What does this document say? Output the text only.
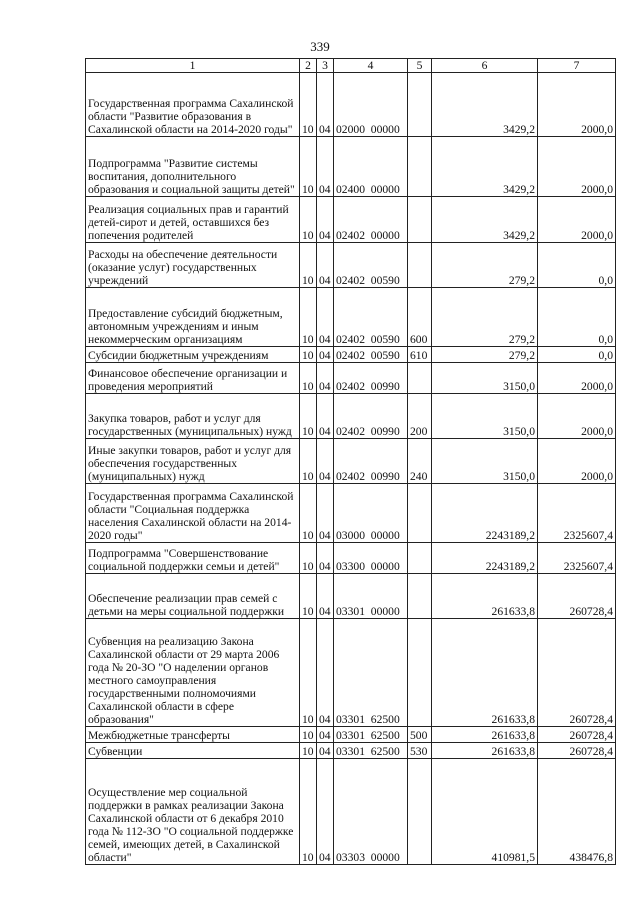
339
1	2	3	4	5	6	7
Государственная программа Сахалинской области "Развитие образования в Сахалинской области на 2014-2020 годы"	10	04	02000  00000		3429,2	2000,0
Подпрограмма "Развитие системы воспитания, дополнительного образования и социальной защиты детей"	10	04	02400  00000		3429,2	2000,0
Реализация социальных прав и гарантий детей-сирот и детей, оставшихся без попечения родителей	10	04	02402  00000		3429,2	2000,0
Расходы на обеспечение деятельности (оказание услуг) государственных учреждений	10	04	02402  00590		279,2	0,0
Предоставление субсидий бюджетным, автономным учреждениям и иным некоммерческим организациям	10	04	02402  00590	600	279,2	0,0
Субсидии бюджетным учреждениям	10	04	02402  00590	610	279,2	0,0
Финансовое обеспечение организации и проведения мероприятий	10	04	02402  00990		3150,0	2000,0
Закупка товаров, работ и услуг для государственных (муниципальных) нужд	10	04	02402  00990	200	3150,0	2000,0
Иные закупки товаров, работ и услуг для обеспечения государственных (муниципальных) нужд	10	04	02402  00990	240	3150,0	2000,0
Государственная программа Сахалинской области "Социальная поддержка населения Сахалинской области на 2014-2020 годы"	10	04	03000  00000		2243189,2	2325607,4
Подпрограмма "Совершенствование социальной поддержки семьи и детей"	10	04	03300  00000		2243189,2	2325607,4
Обеспечение реализации прав семей с детьми на меры социальной поддержки	10	04	03301  00000		261633,8	260728,4
Субвенция на реализацию Закона Сахалинской области от 29 марта 2006 года № 20-ЗО "О наделении органов местного самоуправления государственными полномочиями Сахалинской области в сфере образования"	10	04	03301  62500		261633,8	260728,4
Межбюджетные трансферты	10	04	03301  62500	500	261633,8	260728,4
Субвенции	10	04	03301  62500	530	261633,8	260728,4
Осуществление мер социальной поддержки в рамках реализации Закона Сахалинской области от 6 декабря 2010 года № 112-ЗО "О социальной поддержке семей, имеющих детей, в Сахалинской области"	10	04	03303  00000		410981,5	438476,8
